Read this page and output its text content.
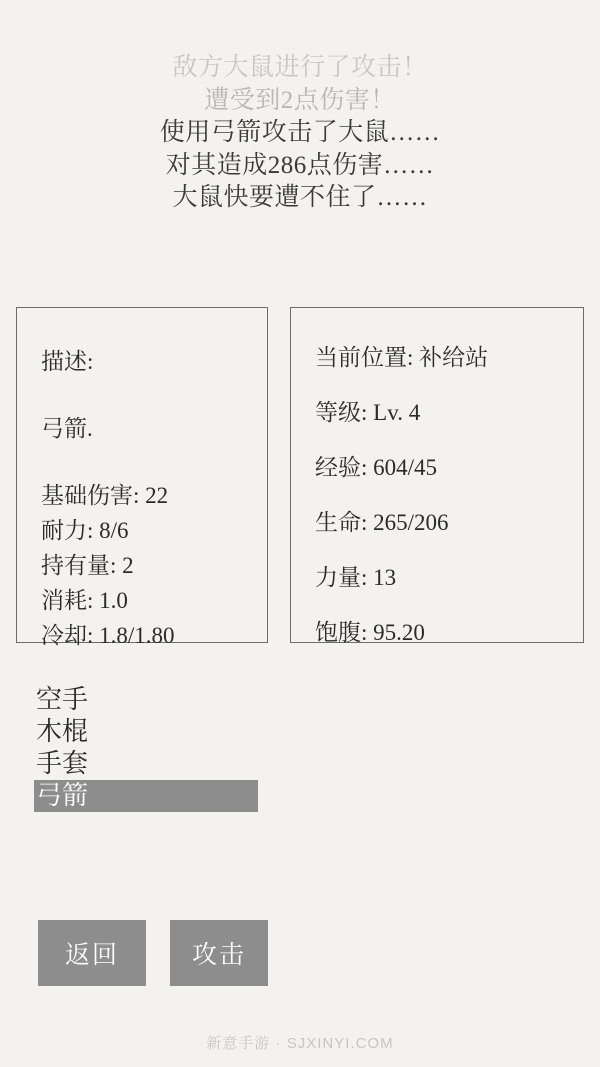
敌方大鼠进行了攻击！
遭受到2点伤害！
使用弓箭攻击了大鼠……
对其造成286点伤害……
大鼠快要遭不住了……
描述:
弓箭.
基础伤害: 22
耐力: 8/6
持有量: 2
消耗: 1.0
冷却: 1.8/1.80
当前位置: 补给站
等级: Lv. 4
经验: 604/45
生命: 265/206
力量: 13
饱腹: 95.20
空手
木棍
手套
弓箭
返回	攻击
新意手游 · SJXINYI.COM
